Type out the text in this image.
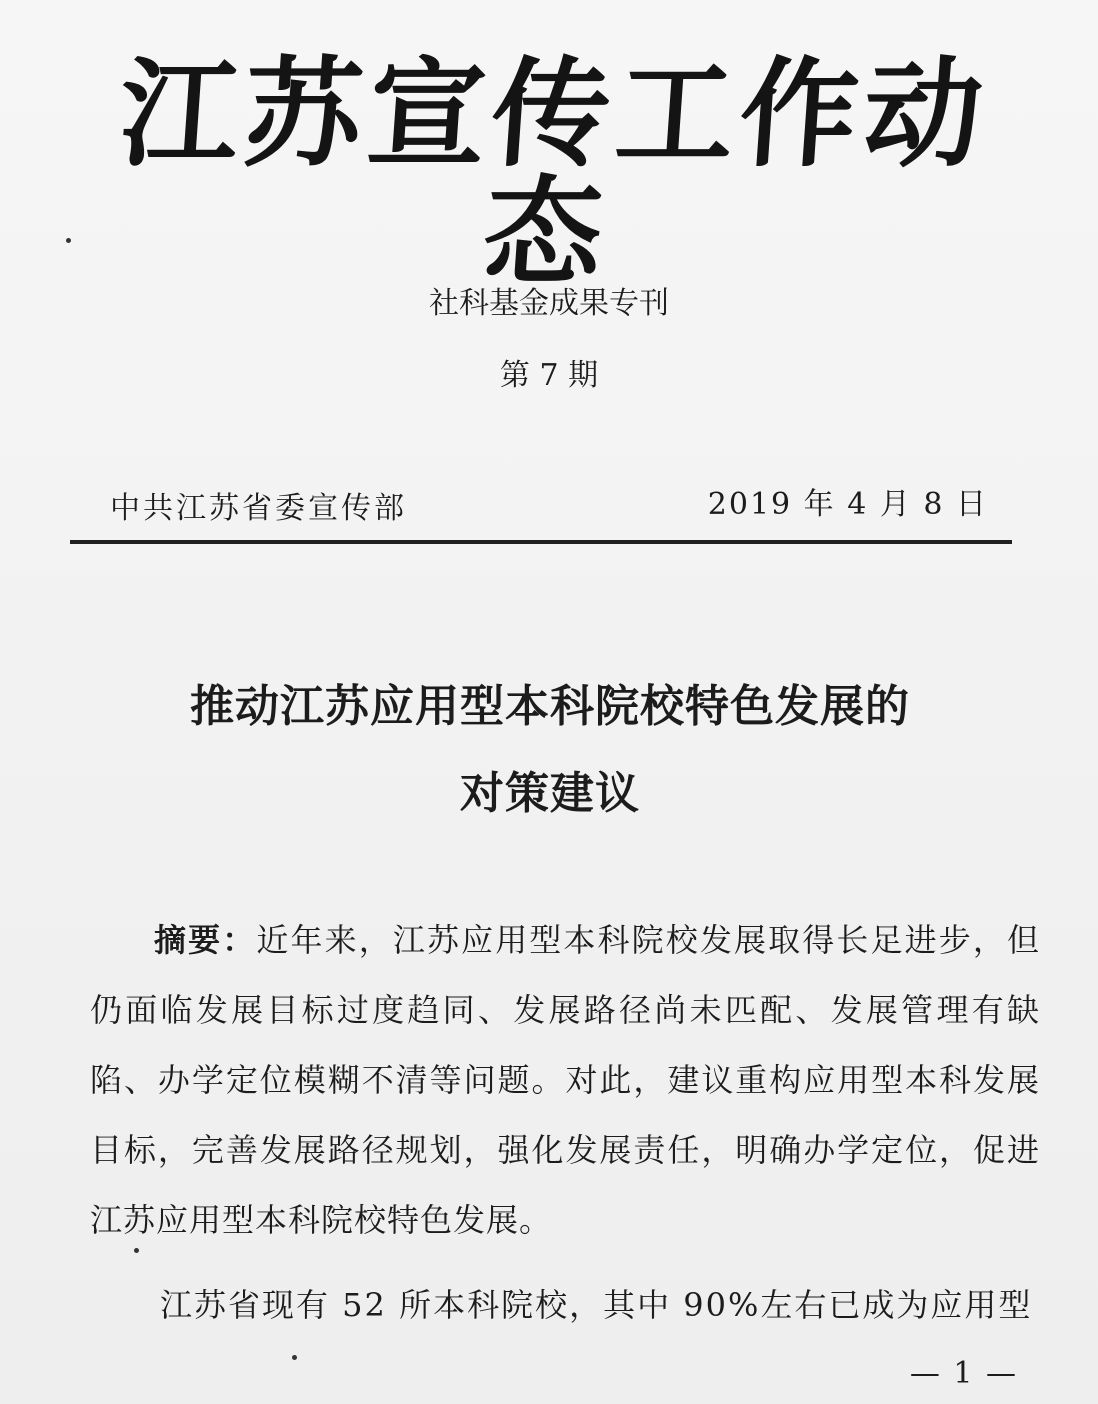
江苏宣传工作动态
社科基金成果专刊
第 7 期
中共江苏省委宣传部	2019 年 4 月 8 日
推动江苏应用型本科院校特色发展的
对策建议

摘要：近年来，江苏应用型本科院校发展取得长足进步，但仍面临发展目标过度趋同、发展路径尚未匹配、发展管理有缺陷、办学定位模糊不清等问题。对此，建议重构应用型本科发展目标，完善发展路径规划，强化发展责任，明确办学定位，促进江苏应用型本科院校特色发展。

江苏省现有 52 所本科院校，其中 90%左右已成为应用型
— 1 —
